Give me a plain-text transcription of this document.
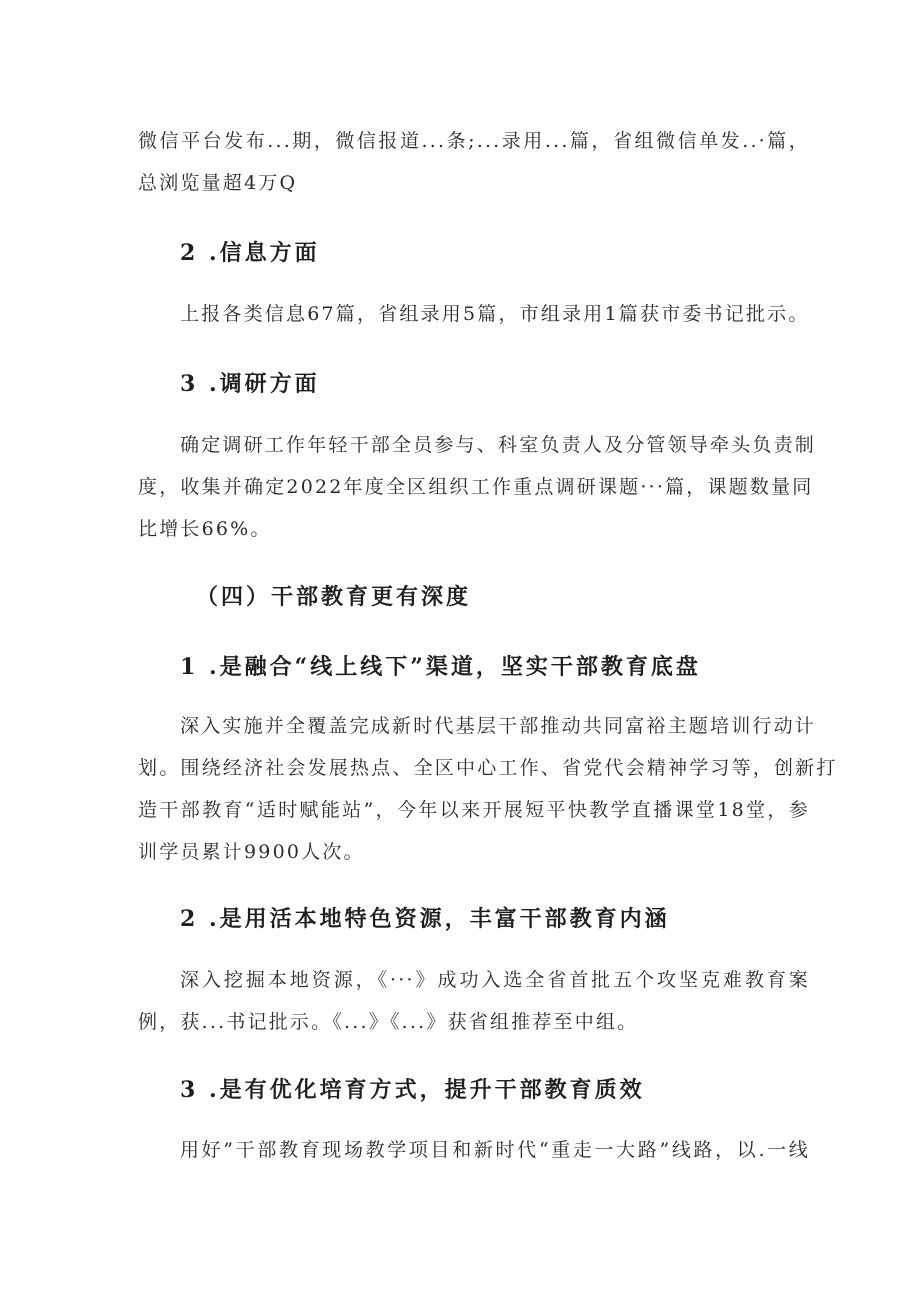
微信平台发布...期，微信报道...条;...录用...篇，省组微信单发..·篇，
总浏览量超4万Q
2 .信息方面
上报各类信息67篇，省组录用5篇，市组录用1篇获市委书记批示。
3 .调研方面
确定调研工作年轻干部全员参与、科室负责人及分管领导牵头负责制
度，收集并确定2022年度全区组织工作重点调研课题···篇，课题数量同
比增长66%。
（四）干部教育更有深度
1 .是融合“线上线下”渠道，坚实干部教育底盘
深入实施并全覆盖完成新时代基层干部推动共同富裕主题培训行动计
划。围绕经济社会发展热点、全区中心工作、省党代会精神学习等，创新打
造干部教育“适时赋能站”，今年以来开展短平快教学直播课堂18堂，参
训学员累计9900人次。
2 .是用活本地特色资源，丰富干部教育内涵
深入挖掘本地资源，《···》成功入选全省首批五个攻坚克难教育案
例，获...书记批示。《...》《...》获省组推荐至中组。
3 .是有优化培育方式，提升干部教育质效
用好”干部教育现场教学项目和新时代“重走一大路”线路，以.一线
